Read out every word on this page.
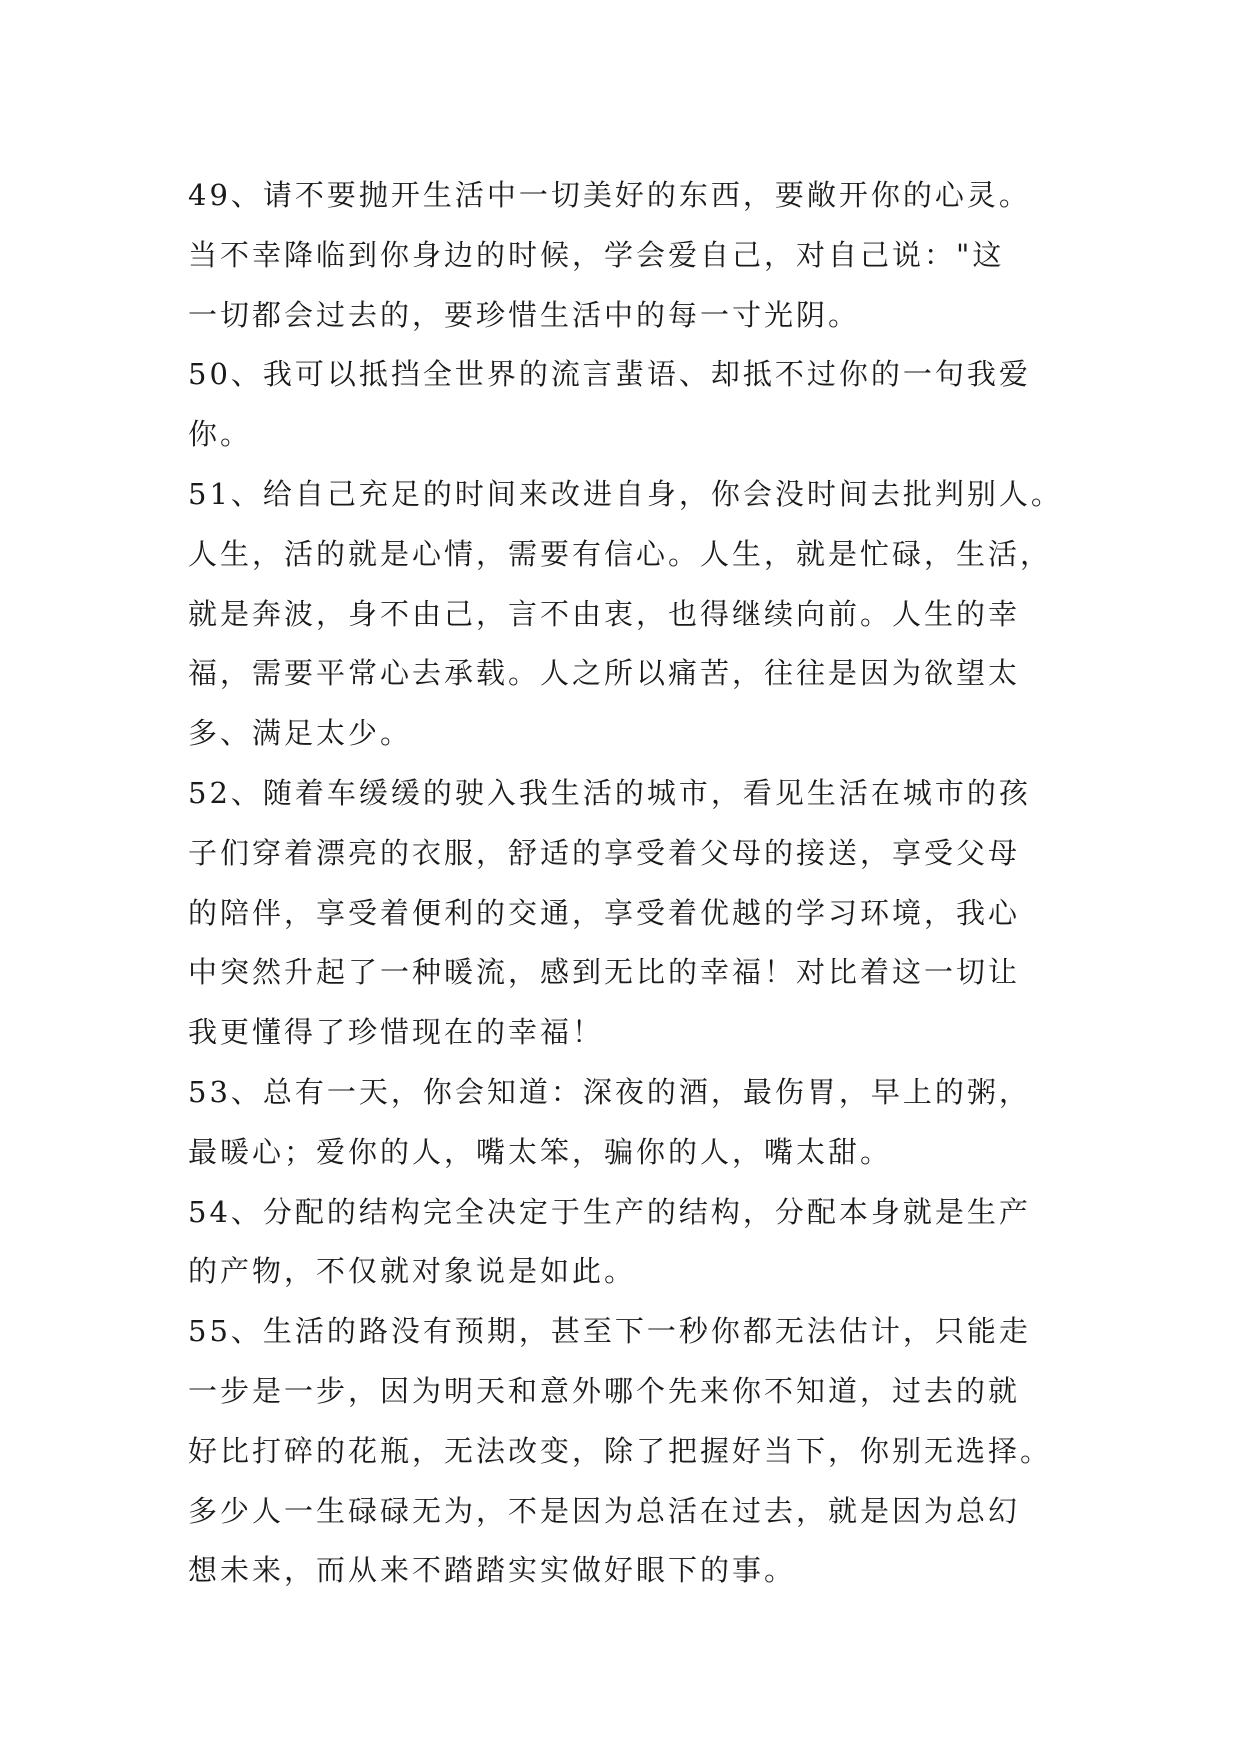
49、请不要抛开生活中一切美好的东西，要敞开你的心灵。
当不幸降临到你身边的时候，学会爱自己，对自己说："这
一切都会过去的，要珍惜生活中的每一寸光阴。
50、我可以抵挡全世界的流言蜚语、却抵不过你的一句我爱
你。
51、给自己充足的时间来改进自身，你会没时间去批判别人。
人生，活的就是心情，需要有信心。人生，就是忙碌，生活，
就是奔波，身不由己，言不由衷，也得继续向前。人生的幸
福，需要平常心去承载。人之所以痛苦，往往是因为欲望太
多、满足太少。
52、随着车缓缓的驶入我生活的城市，看见生活在城市的孩
子们穿着漂亮的衣服，舒适的享受着父母的接送，享受父母
的陪伴，享受着便利的交通，享受着优越的学习环境，我心
中突然升起了一种暖流，感到无比的幸福！对比着这一切让
我更懂得了珍惜现在的幸福！
53、总有一天，你会知道：深夜的酒，最伤胃，早上的粥，
最暖心；爱你的人，嘴太笨，骗你的人，嘴太甜。
54、分配的结构完全决定于生产的结构，分配本身就是生产
的产物，不仅就对象说是如此。
55、生活的路没有预期，甚至下一秒你都无法估计，只能走
一步是一步，因为明天和意外哪个先来你不知道，过去的就
好比打碎的花瓶，无法改变，除了把握好当下，你别无选择。
多少人一生碌碌无为，不是因为总活在过去，就是因为总幻
想未来，而从来不踏踏实实做好眼下的事。
